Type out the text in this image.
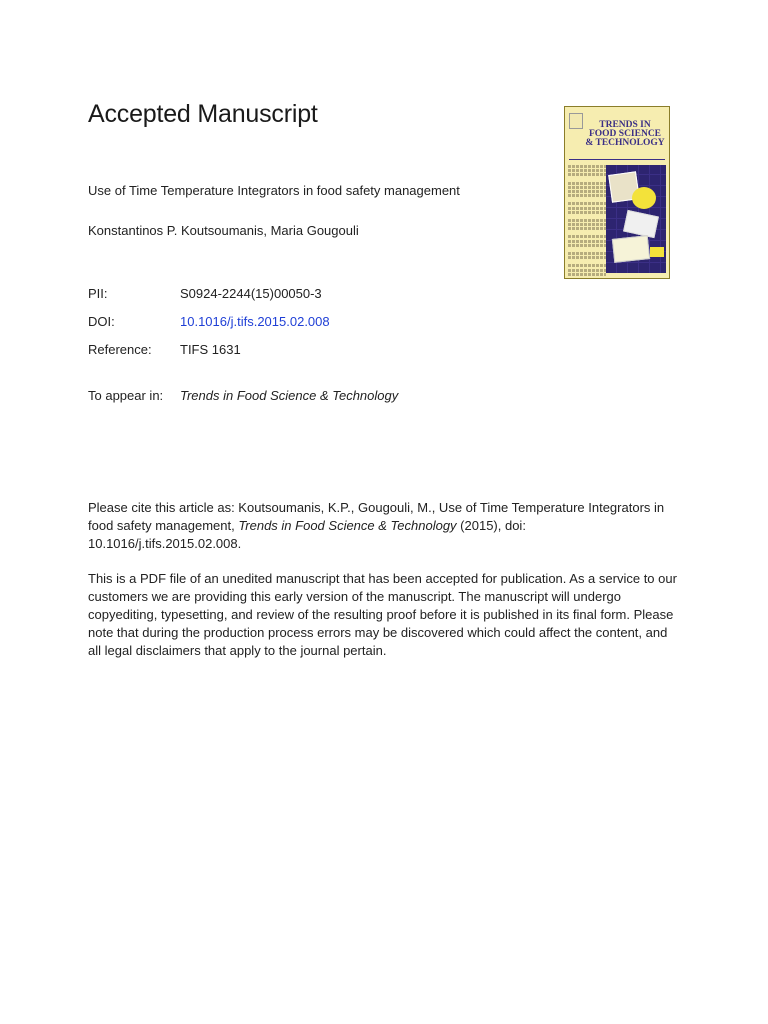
Accepted Manuscript	TRENDS IN
FOOD SCIENCE
& TECHNOLOGY
Use of Time Temperature Integrators in food safety management
Konstantinos P. Koutsoumanis, Maria Gougouli
PII:	S0924-2244(15)00050-3
DOI:	10.1016/j.tifs.2015.02.008
Reference:	TIFS 1631
To appear in:	Trends in Food Science & Technology

Please cite this article as: Koutsoumanis, K.P., Gougouli, M., Use of Time Temperature Integrators in food safety management, Trends in Food Science & Technology (2015), doi: 10.1016/j.tifs.2015.02.008.

This is a PDF file of an unedited manuscript that has been accepted for publication. As a service to our customers we are providing this early version of the manuscript. The manuscript will undergo copyediting, typesetting, and review of the resulting proof before it is published in its final form. Please note that during the production process errors may be discovered which could affect the content, and all legal disclaimers that apply to the journal pertain.
